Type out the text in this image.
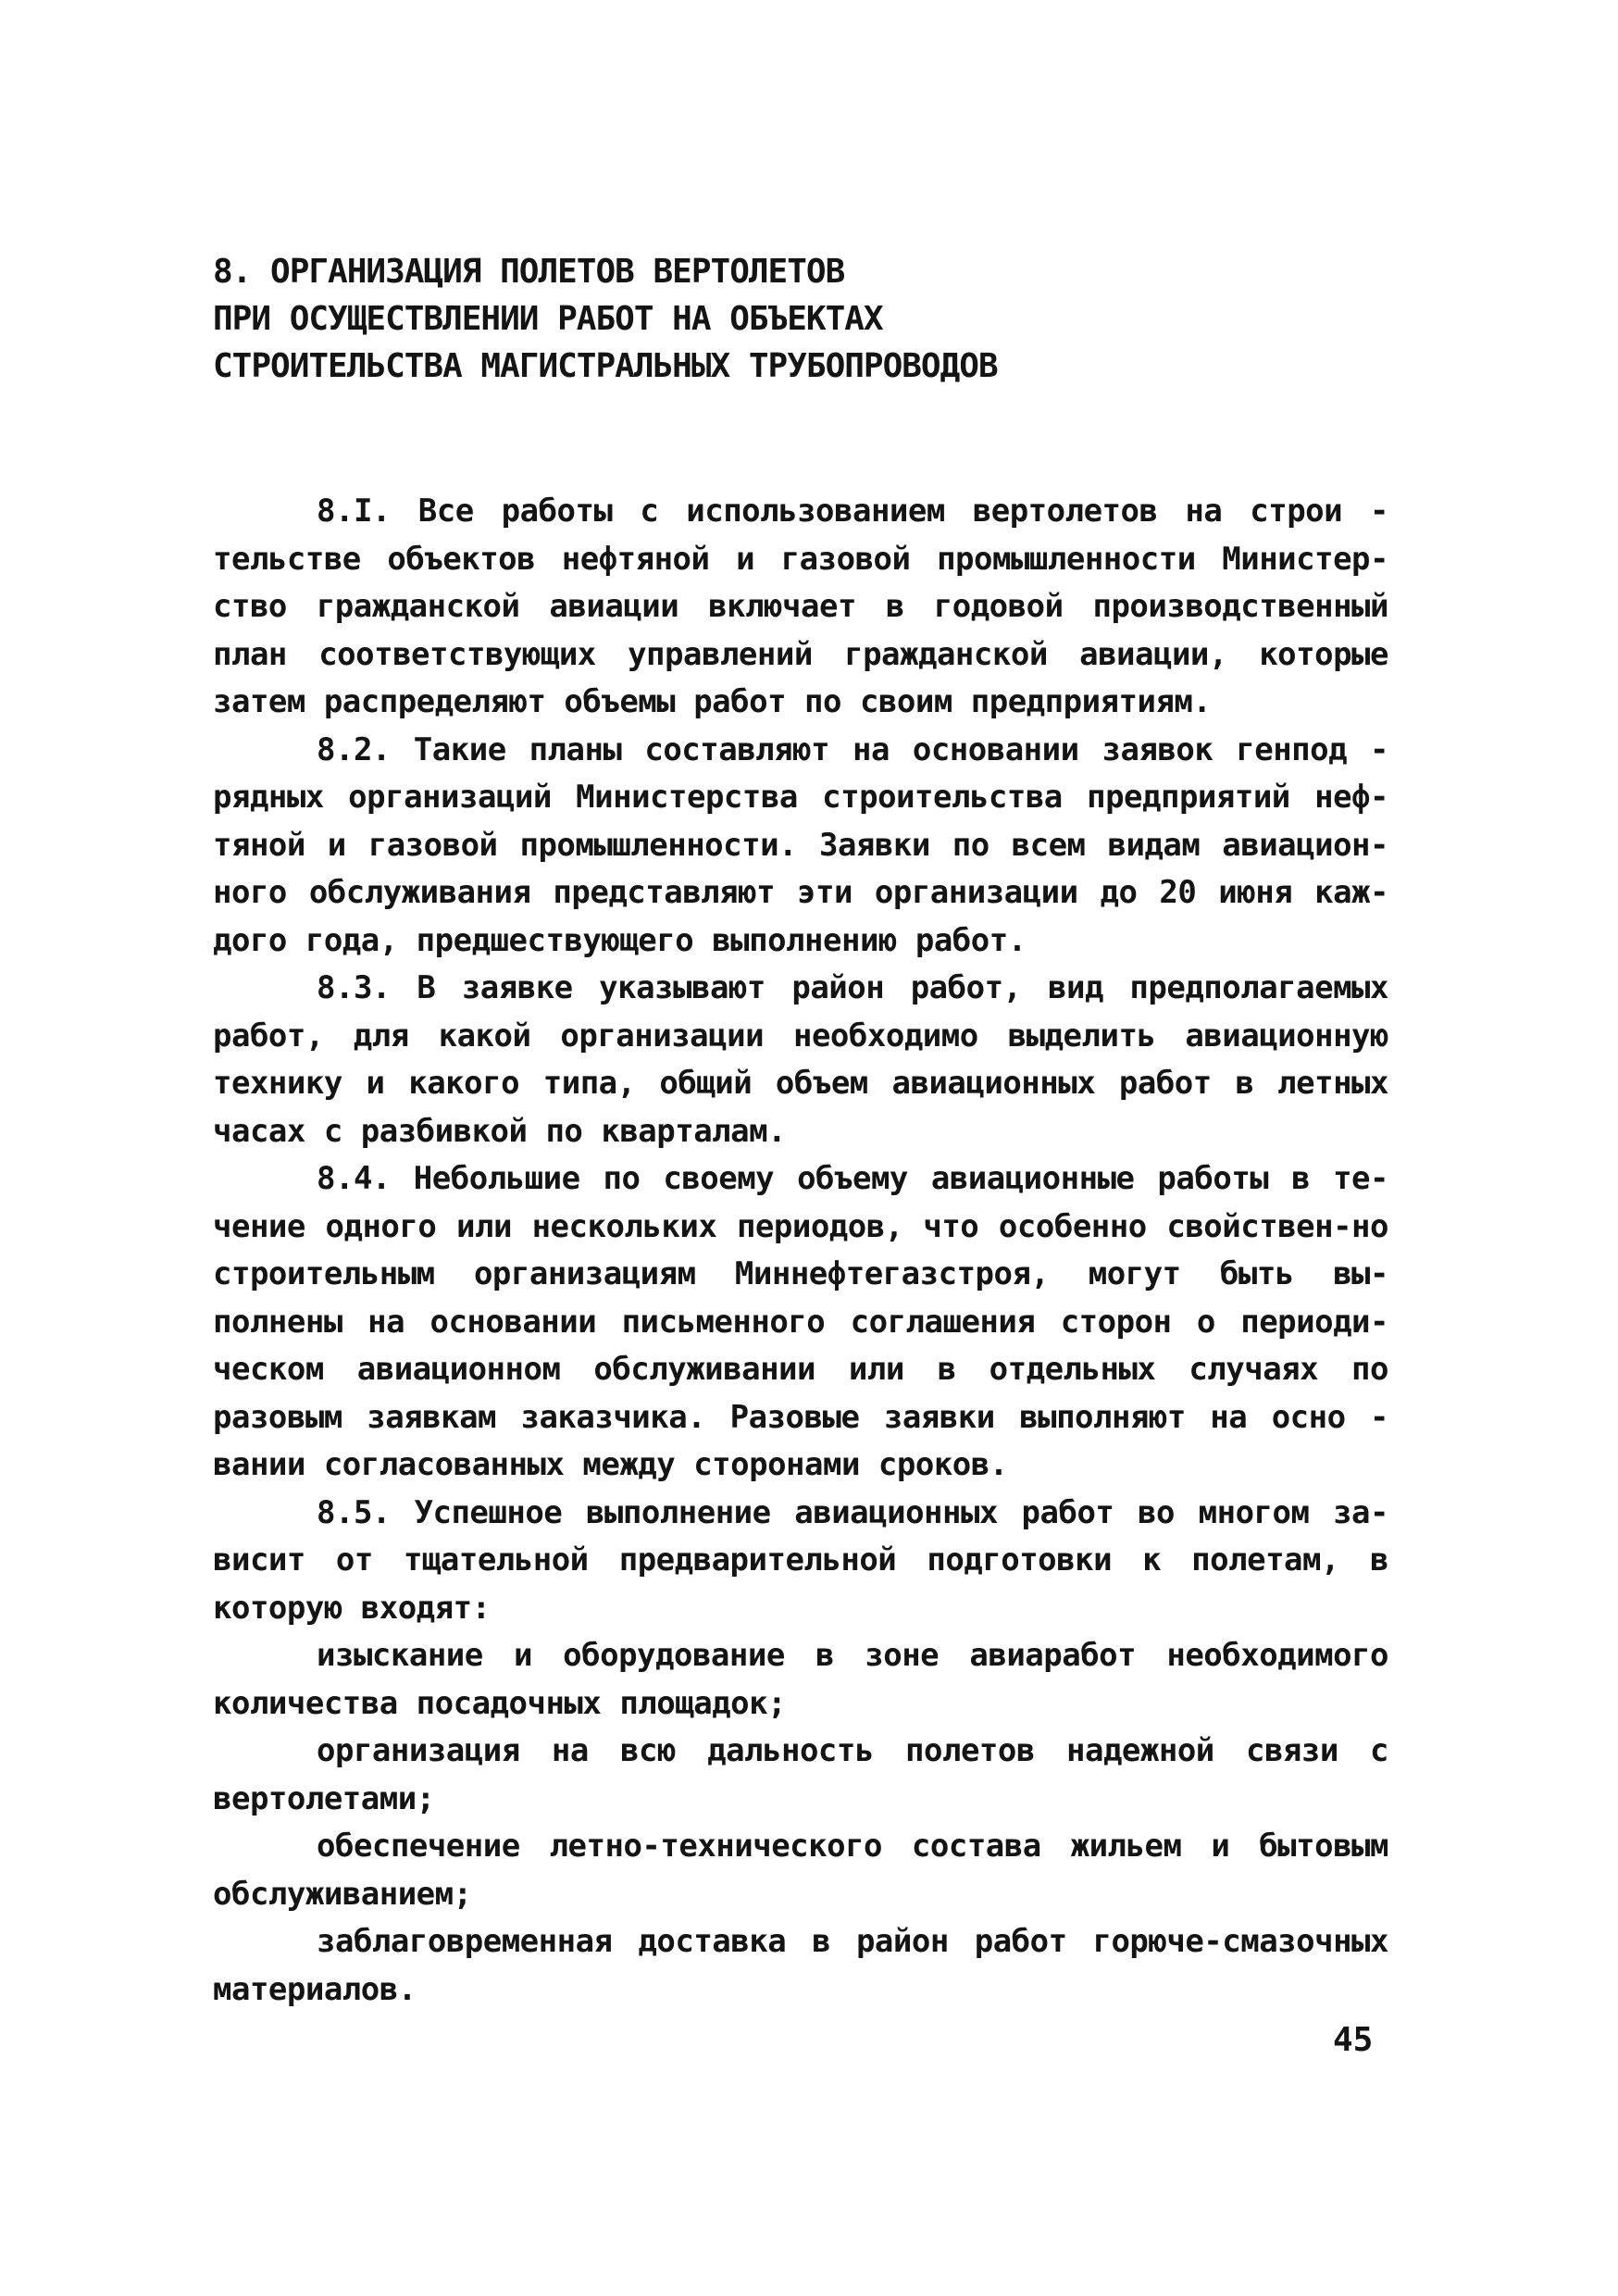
8. ОРГАНИЗАЦИЯ ПОЛЕТОВ ВЕРТОЛЕТОВ
ПРИ ОСУЩЕСТВЛЕНИИ РАБОТ НА ОБЪЕКТАХ
СТРОИТЕЛЬСТВА МАГИСТРАЛЬНЫХ ТРУБОПРОВОДОВ

8.I. Все работы с использованием вертолетов на строи - тельстве объектов нефтяной и газовой промышленности Министер-ство гражданской авиации включает в годовой производственный план соответствующих управлений гражданской авиации, которые затем распределяют объемы работ по своим предприятиям.

8.2. Такие планы составляют на основании заявок генпод - рядных организаций Министерства строительства предприятий неф-тяной и газовой промышленности. Заявки по всем видам авиацион-ного обслуживания представляют эти организации до 20 июня каж-дого года, предшествующего выполнению работ.

8.3. В заявке указывают район работ, вид предполагаемых работ, для какой организации необходимо выделить авиационную технику и какого типа, общий объем авиационных работ в летных часах с разбивкой по кварталам.

8.4. Небольшие по своему объему авиационные работы в те-чение одного или нескольких периодов, что особенно свойствен-но строительным организациям Миннефтегазстроя, могут быть вы-полнены на основании письменного соглашения сторон о периоди-ческом авиационном обслуживании или в отдельных случаях по разовым заявкам заказчика. Разовые заявки выполняют на осно - вании согласованных между сторонами сроков.

8.5. Успешное выполнение авиационных работ во многом за-висит от тщательной предварительной подготовки к полетам, в которую входят:

изыскание и оборудование в зоне авиаработ необходимого количества посадочных площадок;

организация на всю дальность полетов надежной связи с вертолетами;

обеспечение летно-технического состава жильем и бытовым обслуживанием;

заблаговременная доставка в район работ горюче-смазочных материалов.

45
